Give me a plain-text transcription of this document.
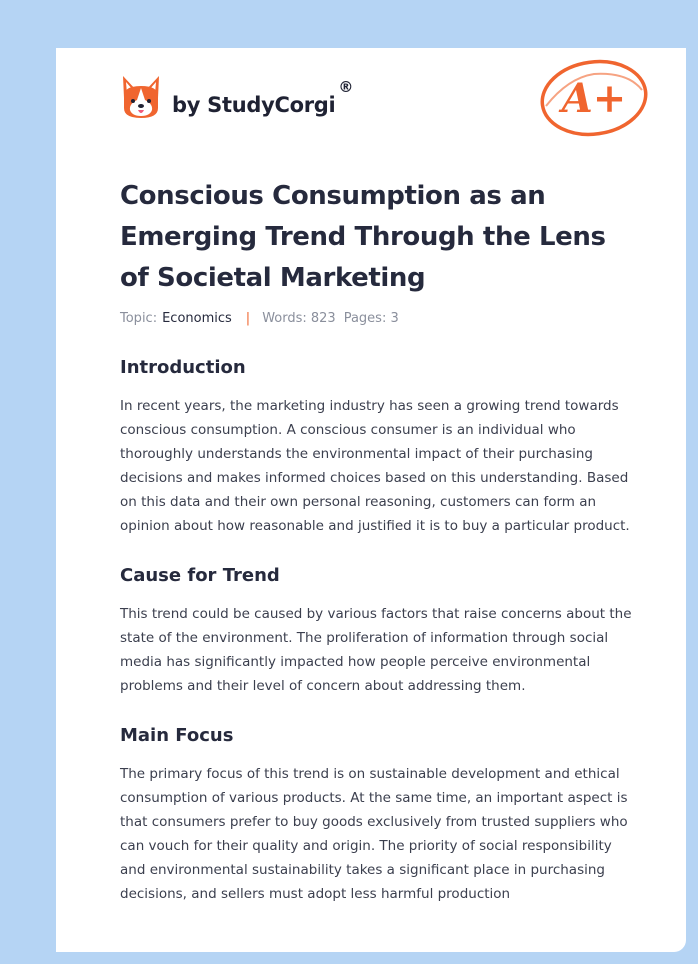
by StudyCorgi
®	A+
Conscious Consumption as an Emerging Trend Through the Lens of Societal Marketing
Topic: Economics | Words: 823 Pages: 3
Introduction

In recent years, the marketing industry has seen a growing trend towards conscious consumption. A conscious consumer is an individual who thoroughly understands the environmental impact of their purchasing decisions and makes informed choices based on this understanding. Based on this data and their own personal reasoning, customers can form an opinion about how reasonable and justified it is to buy a particular product.

Cause for Trend

This trend could be caused by various factors that raise concerns about the state of the environment. The proliferation of information through social media has significantly impacted how people perceive environmental problems and their level of concern about addressing them.

Main Focus

The primary focus of this trend is on sustainable development and ethical consumption of various products. At the same time, an important aspect is that consumers prefer to buy goods exclusively from trusted suppliers who can vouch for their quality and origin. The priority of social responsibility and environmental sustainability takes a significant place in purchasing decisions, and sellers must adopt less harmful production
